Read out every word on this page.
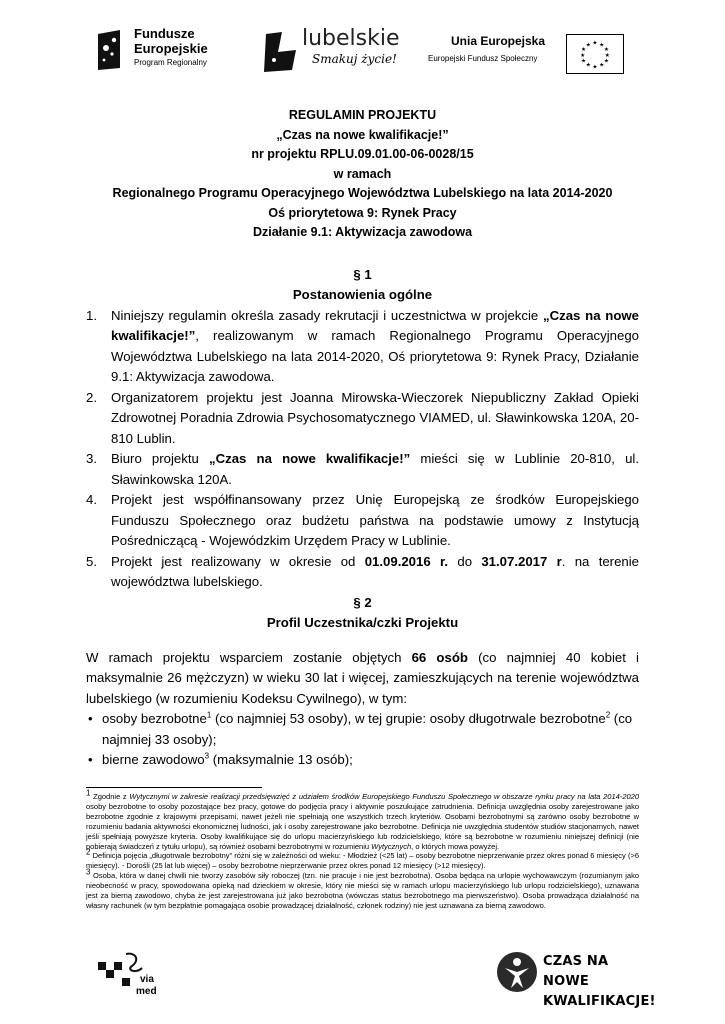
Fundusze
Europejskie
Program Regionalny
lubelskie
Smakuj życie!
Unia Europejska
Europejski Fundusz Społeczny
★ ★
★
★
★
★
★
★
★
★
★
★
REGULAMIN PROJEKTU
„Czas na nowe kwalifikacje!”
nr projektu RPLU.09.01.00-06-0028/15
w ramach
Regionalnego Programu Operacyjnego Województwa Lubelskiego na lata 2014-2020
Oś priorytetowa 9: Rynek Pracy
Działanie 9.1: Aktywizacja zawodowa
§ 1
Postanowienia ogólne
1. Niniejszy regulamin określa zasady rekrutacji i uczestnictwa w projekcie „Czas na nowe kwalifikacje!”, realizowanym w ramach Regionalnego Programu Operacyjnego Województwa Lubelskiego na lata 2014-2020, Oś priorytetowa 9: Rynek Pracy, Działanie 9.1: Aktywizacja zawodowa.
2. Organizatorem projektu jest Joanna Mirowska-Wieczorek Niepubliczny Zakład Opieki Zdrowotnej Poradnia Zdrowia Psychosomatycznego VIAMED, ul. Sławinkowska 120A, 20-810 Lublin.
3. Biuro projektu „Czas na nowe kwalifikacje!” mieści się w Lublinie 20-810, ul. Sławinkowska 120A.
4. Projekt jest współfinansowany przez Unię Europejską ze środków Europejskiego Funduszu Społecznego oraz budżetu państwa na podstawie umowy z Instytucją Pośredniczącą - Wojewódzkim Urzędem Pracy w Lublinie.
5. Projekt jest realizowany w okresie od 01.09.2016 r. do 31.07.2017 r. na terenie województwa lubelskiego.
§ 2
Profil Uczestnika/czki Projektu
W ramach projektu wsparciem zostanie objętych 66 osób (co najmniej 40 kobiet i maksymalnie 26 mężczyzn) w wieku 30 lat i więcej, zamieszkujących na terenie województwa lubelskiego (w rozumieniu Kodeksu Cywilnego), w tym:
• osoby bezrobotne$^1$ (co najmniej 53 osoby), w tej grupie: osoby długotrwale bezrobotne$^2$ (co najmniej 33 osoby);
• bierne zawodowo$^3$ (maksymalnie 13 osób);
$^1$ Zgodnie z Wytycznymi w zakresie realizacji przedsięwzięć z udziałem środków Europejskiego Funduszu Społecznego w obszarze rynku pracy na lata 2014-2020 osoby bezrobotne to osoby pozostające bez pracy, gotowe do podjęcia pracy i aktywnie poszukujące zatrudnienia. Definicja uwzględnia osoby zarejestrowane jako bezrobotne zgodnie z krajowymi przepisami, nawet jeżeli nie spełniają one wszystkich trzech kryteriów. Osobami bezrobotnymi są zarówno osoby bezrobotne w rozumieniu badania aktywności ekonomicznej ludności, jak i osoby zarejestrowane jako bezrobotne. Definicja nie uwzględnia studentów studiów stacjonarnych, nawet jeśli spełniają powyższe kryteria. Osoby kwalifikujące się do urlopu macierzyńskiego lub rodzicielskiego, które są bezrobotne w rozumieniu niniejszej definicji (nie pobierają świadczeń z tytułu urlopu), są również osobami bezrobotnymi w rozumieniu Wytycznych, o których mowa powyżej.
$^2$ Definicja pojęcia „długotrwale bezrobotny” różni się w zależności od wieku: - Młodzież (<25 lat) – osoby bezrobotne nieprzerwanie przez okres ponad 6 miesięcy (>6 miesięcy). - Dorośli (25 lat lub więcej) – osoby bezrobotne nieprzerwanie przez okres ponad 12 miesięcy (>12 miesięcy).
$^3$ Osoba, która w danej chwili nie tworzy zasobów siły roboczej (tzn. nie pracuje i nie jest bezrobotna). Osoba będąca na urlopie wychowawczym (rozumianym jako nieobecność w pracy, spowodowana opieką nad dzieckiem w okresie, który nie mieści się w ramach urlopu macierzyńskiego lub urlopu rodzicielskiego), uznawana jest za bierną zawodowo, chyba że jest zarejestrowana już jako bezrobotna (wówczas status bezrobotnego ma pierwszeństwo). Osoba prowadząca działalność na własny rachunek (w tym bezpłatnie pomagająca osobie prowadzącej działalność, członek rodziny) nie jest uznawana za bierną zawodowo.
via
med
CZAS NA NOWE
KWALIFIKACJE!
